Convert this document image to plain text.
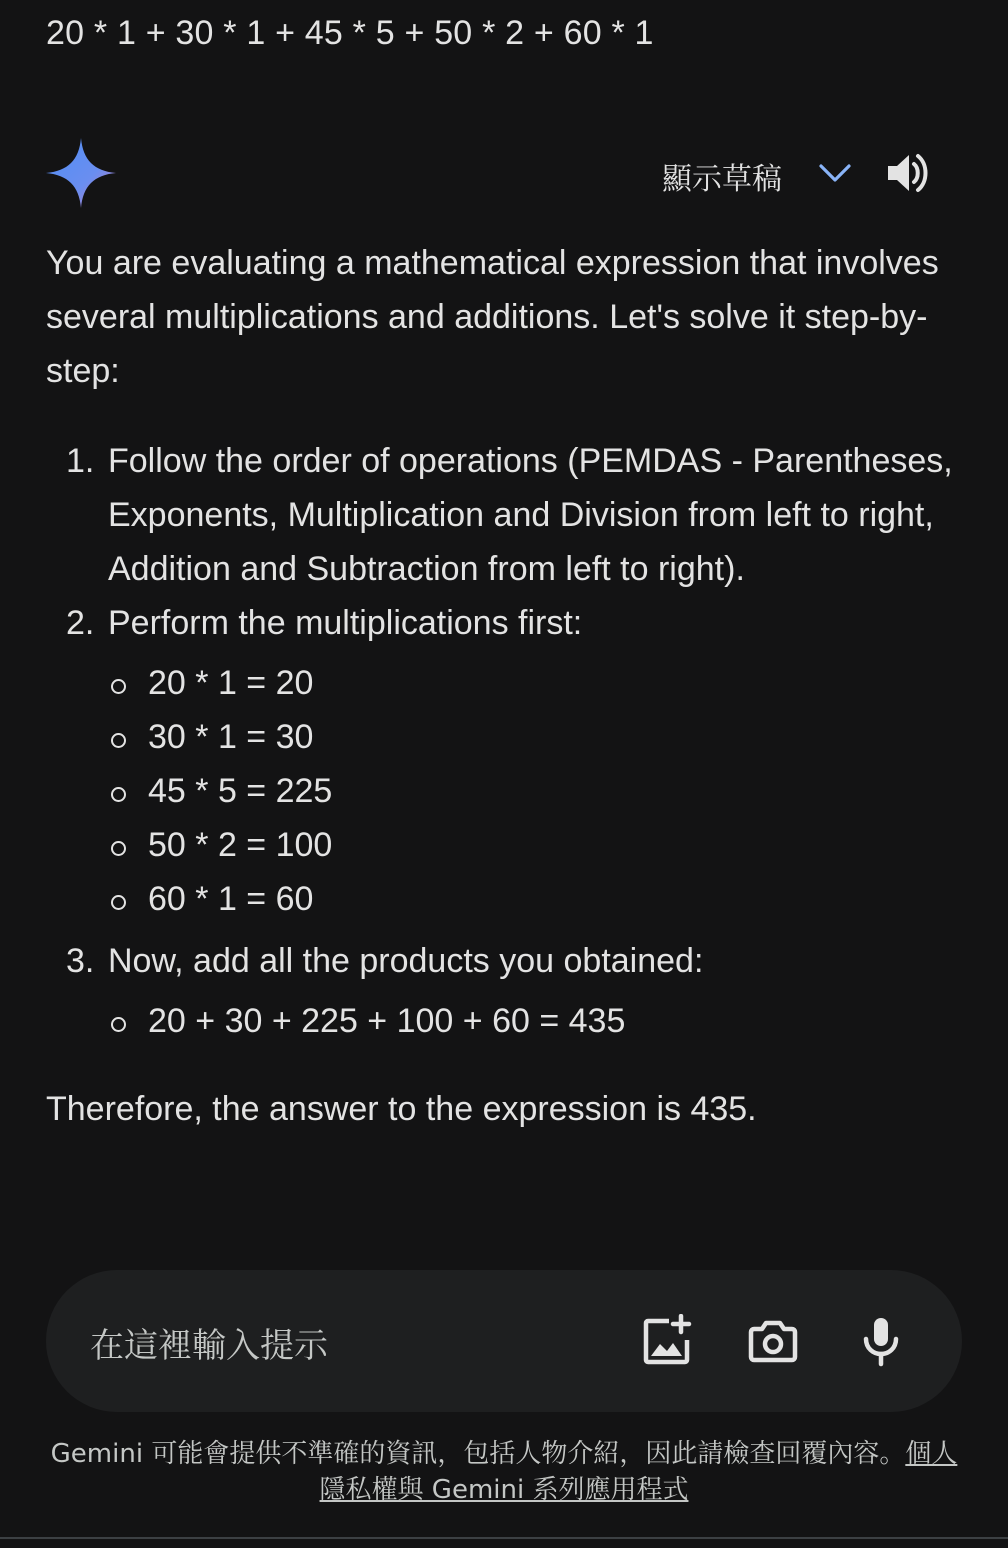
20 * 1 + 30 * 1 + 45 * 5 + 50 * 2 + 60 * 1
顯示草稿

You are evaluating a mathematical expression that involves several multiplications and additions. Let's solve it step-by-step:

1. Follow the order of operations (PEMDAS - Parentheses, Exponents, Multiplication and Division from left to right, Addition and Subtraction from left to right).
2. Perform the multiplications first:
20 * 1 = 20
30 * 1 = 30
45 * 5 = 225
50 * 2 = 100
60 * 1 = 60
3. Now, add all the products you obtained:
20 + 30 + 225 + 100 + 60 = 435

Therefore, the answer to the expression is 435.

在這裡輸入提示
Gemini 可能會提供不準確的資訊，包括人物介紹，因此請檢查回覆內容。個人隱私權與 Gemini 系列應用程式
